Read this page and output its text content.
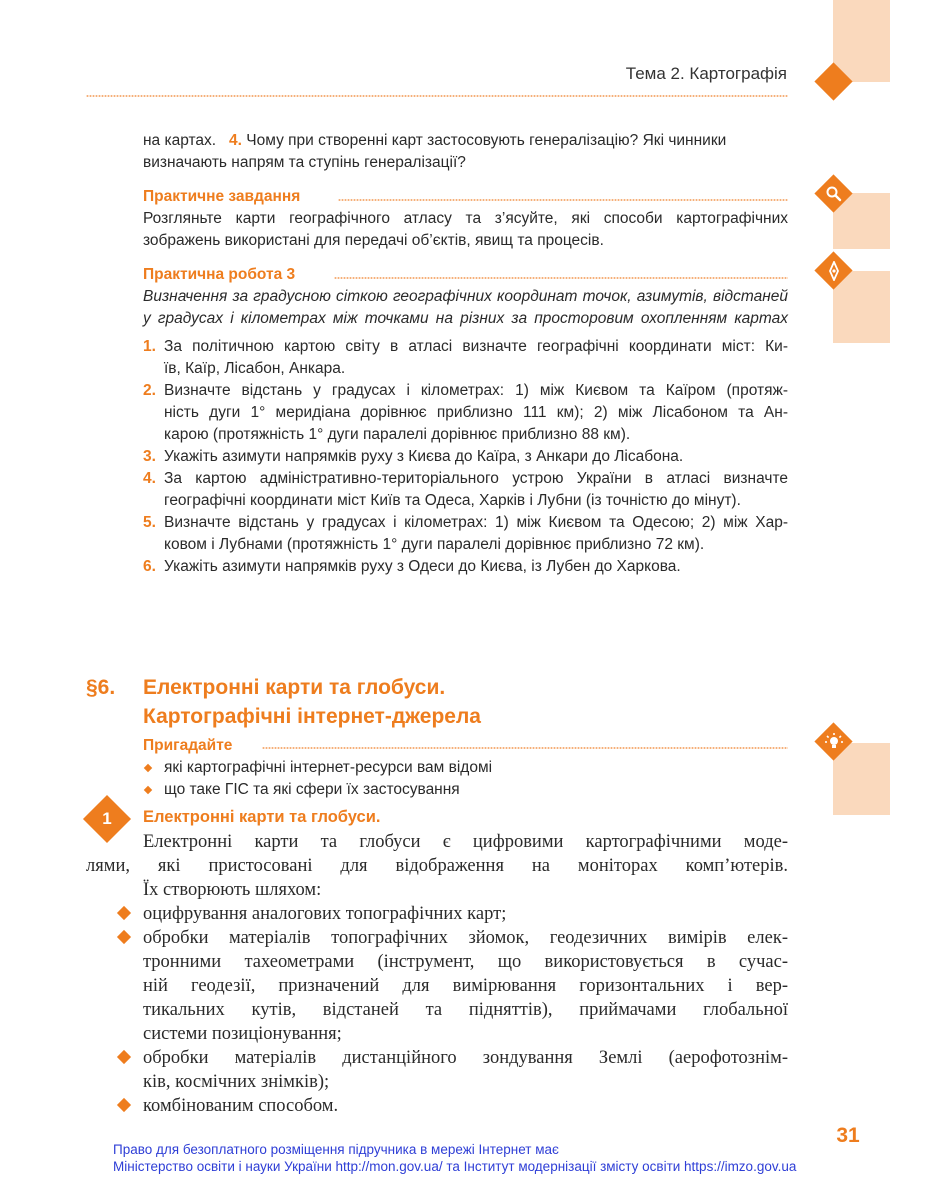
Тема 2. Картографія
на картах. 4. Чому при створенні карт застосовують генералізацію? Які чинники
визначають напрям та ступінь генералізації?
Практичне завдання
Розгляньте карти географічного атласу та з’ясуйте, які способи картографічних
зображень використані для передачі об’єктів, явищ та процесів.
Практична робота 3
Визначення за градусною сіткою географічних координат точок, азимутів, відстаней
у градусах і кілометрах між точками на різних за просторовим охопленням картах
1. За політичною картою світу в атласі визначте географічні координати міст: Ки-
їв, Каїр, Лісабон, Анкара.
2. Визначте відстань у градусах і кілометрах: 1) між Києвом та Каїром (протяж-
ність дуги 1° меридіана дорівнює приблизно 111 км); 2) між Лісабоном та Ан-
карою (протяжність 1° дуги паралелі дорівнює приблизно 88 км).
3. Укажіть азимути напрямків руху з Києва до Каїра, з Анкари до Лісабона.
4. За картою адміністративно-територіального устрою України в атласі визначте
географічні координати міст Київ та Одеса, Харків і Лубни (із точністю до мінут).
5. Визначте відстань у градусах і кілометрах: 1) між Києвом та Одесою; 2) між Хар-
ковом і Лубнами (протяжність 1° дуги паралелі дорівнює приблизно 72 км).
6. Укажіть азимути напрямків руху з Одеси до Києва, із Лубен до Харкова.
§6. Електронні карти та глобуси.
Картографічні інтернет-джерела
Пригадайте
які картографічні інтернет-ресурси вам відомі
що таке ГІС та які сфери їх застосування
1	Електронні карти та глобуси.
Електронні карти та глобуси є цифровими картографічними моде-
лями, які пристосовані для відображення на моніторах комп’ютерів.
Їх створюють шляхом:
оцифрування аналогових топографічних карт;
обробки матеріалів топографічних зйомок, геодезичних вимірів елек-
тронними тахеометрами (інструмент, що використовується в сучас-
ній геодезії, призначений для вимірювання горизонтальних і вер-
тикальних кутів, відстаней та підняттів), приймачами глобальної
системи позиціонування;
обробки матеріалів дистанційного зондування Землі (аерофотознім-
ків, космічних знімків);
комбінованим способом.
31
Право для безоплатного розміщення підручника в мережі Інтернет має
Міністерство освіти і науки України http://mon.gov.ua/ та Інститут модернізації змісту освіти https://imzo.gov.ua
